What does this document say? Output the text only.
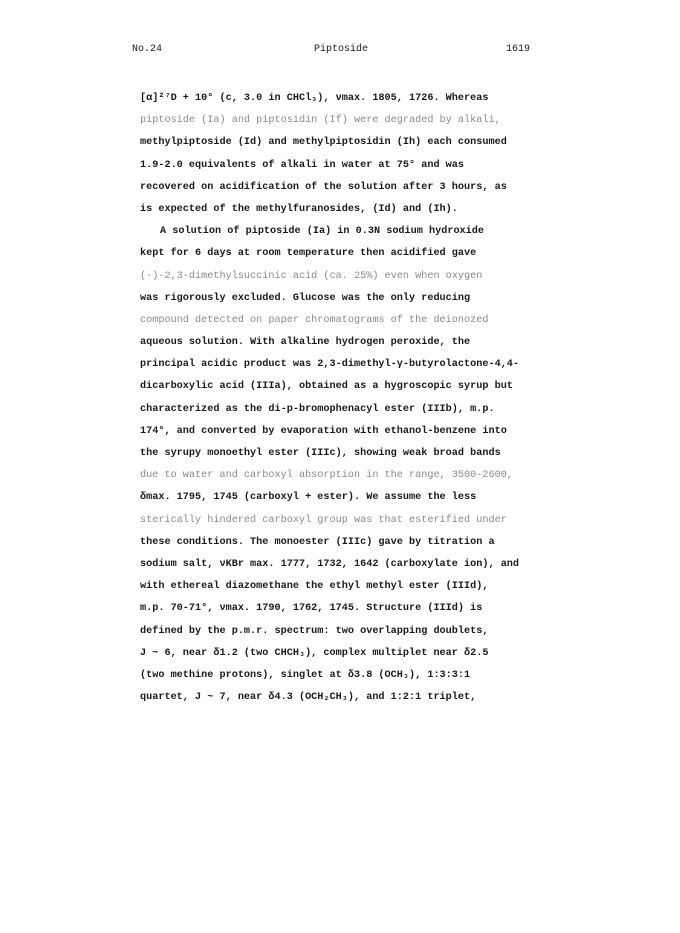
No.24	Piptoside	1619
[α]²⁷D + 10° (c, 3.0 in CHCl₃), νmax. 1805, 1726. Whereas
piptoside (Ia) and piptosidin (If) were degraded by alkali,
methylpiptoside (Id) and methylpiptosidin (Ih) each consumed
1.9-2.0 equivalents of alkali in water at 75° and was
recovered on acidification of the solution after 3 hours, as
is expected of the methylfuranosides, (Id) and (Ih).
A solution of piptoside (Ia) in 0.3N sodium hydroxide
kept for 6 days at room temperature then acidified gave
(-)-2,3-dimethylsuccinic acid (ca. 25%) even when oxygen
was rigorously excluded. Glucose was the only reducing
compound detected on paper chromatograms of the deionozed
aqueous solution. With alkaline hydrogen peroxide, the
principal acidic product was 2,3-dimethyl-γ-butyrolactone-4,4-
dicarboxylic acid (IIIa), obtained as a hygroscopic syrup but
characterized as the di-p-bromophenacyl ester (IIIb), m.p.
174°, and converted by evaporation with ethanol-benzene into
the syrupy monoethyl ester (IIIc), showing weak broad bands
due to water and carboxyl absorption in the range, 3500-2600,
δmax. 1795, 1745 (carboxyl + ester). We assume the less
sterically hindered carboxyl group was that esterified under
these conditions. The monoester (IIIc) gave by titration a
sodium salt, νKBr max. 1777, 1732, 1642 (carboxylate ion), and
with ethereal diazomethane the ethyl methyl ester (IIId),
m.p. 70-71°, νmax. 1790, 1762, 1745. Structure (IIId) is
defined by the p.m.r. spectrum: two overlapping doublets,
J ~ 6, near δ1.2 (two CHCH₃), complex multiplet near δ2.5
(two methine protons), singlet at δ3.8 (OCH₃), 1:3:3:1
quartet, J ~ 7, near δ4.3 (OCH₂CH₃), and 1:2:1 triplet,
